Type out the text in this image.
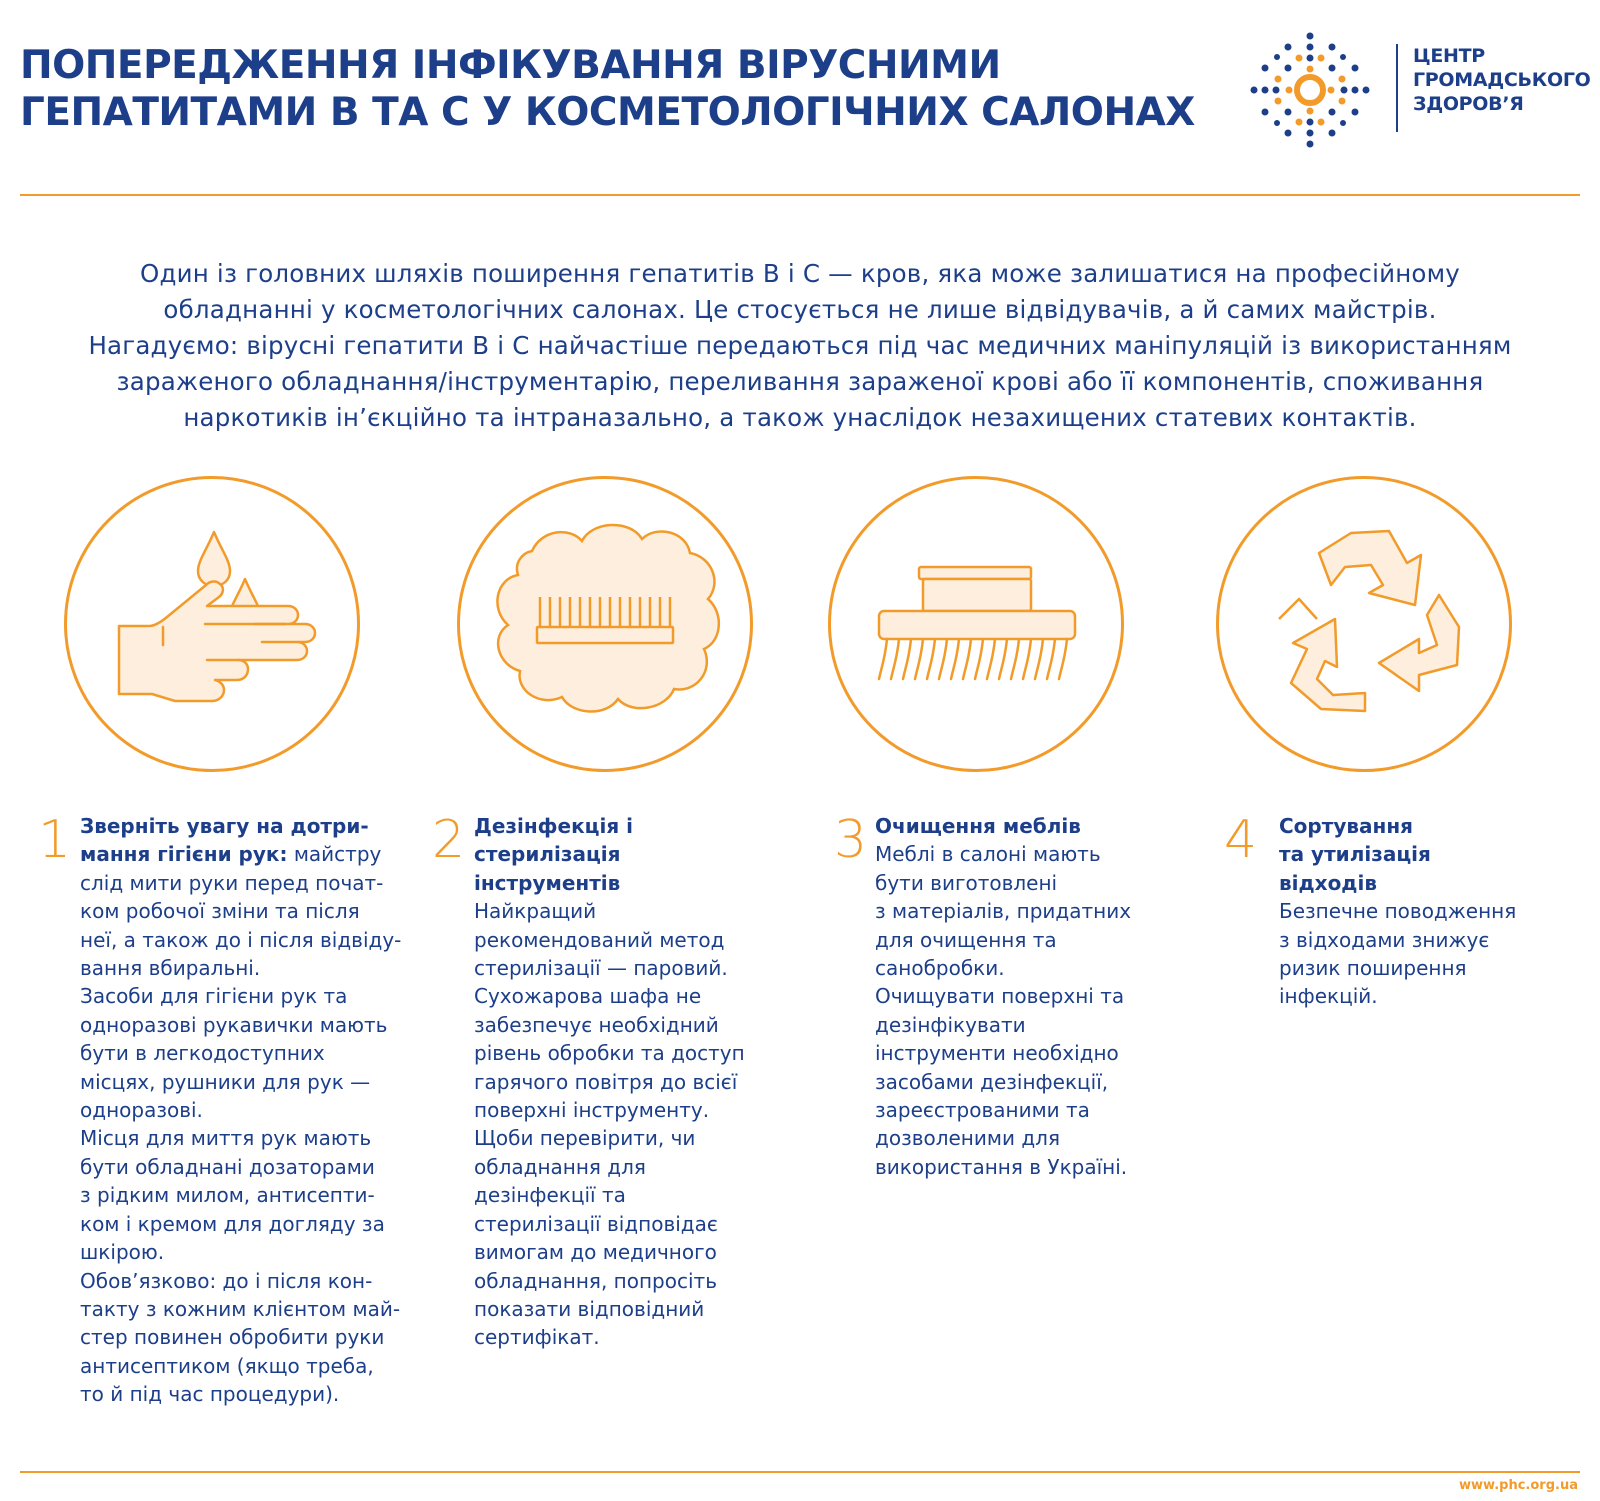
ПОПЕРЕДЖЕННЯ ІНФІКУВАННЯ ВІРУСНИМИ
ГЕПАТИТАМИ В ТА С У КОСМЕТОЛОГІЧНИХ САЛОНАХ
ЦЕНТР
ГРОМАДСЬКОГО
ЗДОРОВ’Я

Один із головних шляхів поширення гепатитів В і С — кров, яка може залишатися на професійному

обладнанні у косметологічних салонах. Це стосується не лише відвідувачів, а й самих майстрів.

Нагадуємо: вірусні гепатити В і С найчастіше передаються під час медичних маніпуляцій із використанням

зараженого обладнання/інструментарію, переливання зараженої крові або її компонентів, споживання

наркотиків ін’єкційно та інтраназально, а також унаслідок незахищених статевих контактів.

1	2	3	4

Зверніть увагу на дотри-

мання гігієни рук: майстру

слід мити руки перед почат-

ком робочої зміни та після

неї, а також до і після відвіду-

вання вбиральні.

Засоби для гігієни рук та

одноразові рукавички мають

бути в легкодоступних

місцях, рушники для рук —

одноразові.

Місця для миття рук мають

бути обладнані дозаторами

з рідким милом, антисепти-

ком і кремом для догляду за

шкірою.

Обов’язково: до і після кон-

такту з кожним клієнтом май-

стер повинен обробити руки

антисептиком (якщо треба,

то й під час процедури).

Дезінфекція і

стерилізація

інструментів

Найкращий

рекомендований метод

стерилізації — паровий.

Сухожарова шафа не

забезпечує необхідний

рівень обробки та доступ

гарячого повітря до всієї

поверхні інструменту.

Щоби перевірити, чи

обладнання для

дезінфекції та

стерилізації відповідає

вимогам до медичного

обладнання, попросіть

показати відповідний

сертифікат.

Очищення меблів

Меблі в салоні мають

бути виготовлені

з матеріалів, придатних

для очищення та

санобробки.

Очищувати поверхні та

дезінфікувати

інструменти необхідно

засобами дезінфекції,

зареєстрованими та

дозволеними для

використання в Україні.

Сортування

та утилізація

відходів

Безпечне поводження

з відходами знижує

ризик поширення

інфекцій.

www.phc.org.ua
